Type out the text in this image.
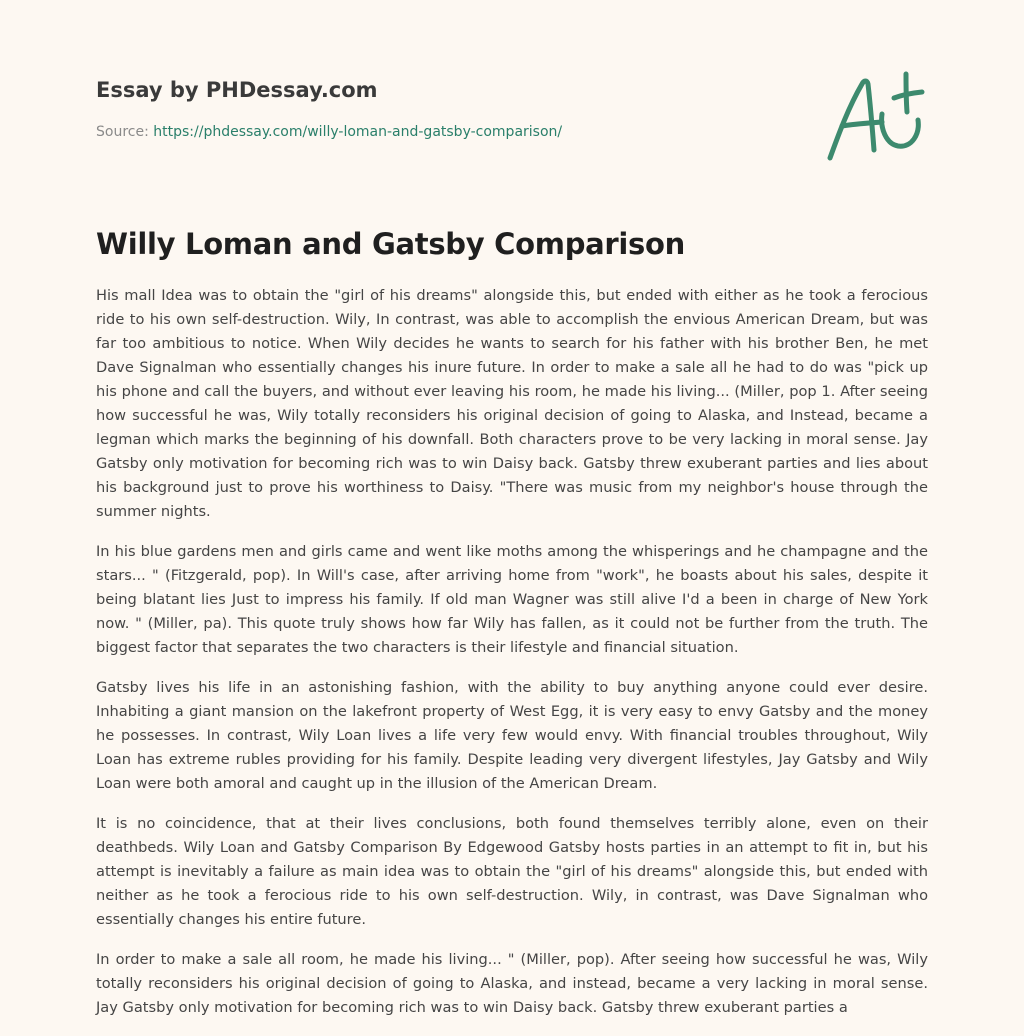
Essay by PHDessay.com
Source: https://phdessay.com/willy-loman-and-gatsby-comparison/
Willy Loman and Gatsby Comparison

His mall Idea was to obtain the "girl of his dreams" alongside this, but ended with either as he took a ferocious ride to his own self-destruction. Wily, In contrast, was able to accomplish the envious American Dream, but was far too ambitious to notice. When Wily decides he wants to search for his father with his brother Ben, he met Dave Signalman who essentially changes his inure future. In order to make a sale all he had to do was "pick up his phone and call the buyers, and without ever leaving his room, he made his living... (Miller, pop 1. After seeing how successful he was, Wily totally reconsiders his original decision of going to Alaska, and Instead, became a legman which marks the beginning of his downfall. Both characters prove to be very lacking in moral sense. Jay Gatsby only motivation for becoming rich was to win Daisy back. Gatsby threw exuberant parties and lies about his background just to prove his worthiness to Daisy. "There was music from my neighbor's house through the summer nights.

In his blue gardens men and girls came and went like moths among the whisperings and he champagne and the stars... " (Fitzgerald, pop). In Will's case, after arriving home from "work", he boasts about his sales, despite it being blatant lies Just to impress his family. If old man Wagner was still alive I'd a been in charge of New York now. " (Miller, pa). This quote truly shows how far Wily has fallen, as it could not be further from the truth. The biggest factor that separates the two characters is their lifestyle and financial situation.

Gatsby lives his life in an astonishing fashion, with the ability to buy anything anyone could ever desire. Inhabiting a giant mansion on the lakefront property of West Egg, it is very easy to envy Gatsby and the money he possesses. In contrast, Wily Loan lives a life very few would envy. With financial troubles throughout, Wily Loan has extreme rubles providing for his family. Despite leading very divergent lifestyles, Jay Gatsby and Wily Loan were both amoral and caught up in the illusion of the American Dream.

It is no coincidence, that at their lives conclusions, both found themselves terribly alone, even on their deathbeds. Wily Loan and Gatsby Comparison By Edgewood Gatsby hosts parties in an attempt to fit in, but his attempt is inevitably a failure as main idea was to obtain the "girl of his dreams" alongside this, but ended with neither as he took a ferocious ride to his own self-destruction. Wily, in contrast, was Dave Signalman who essentially changes his entire future.

In order to make a sale all room, he made his living... " (Miller, pop). After seeing how successful he was, Wily totally reconsiders his original decision of going to Alaska, and instead, became a very lacking in moral sense. Jay Gatsby only motivation for becoming rich was to win Daisy back. Gatsby threw exuberant parties a
